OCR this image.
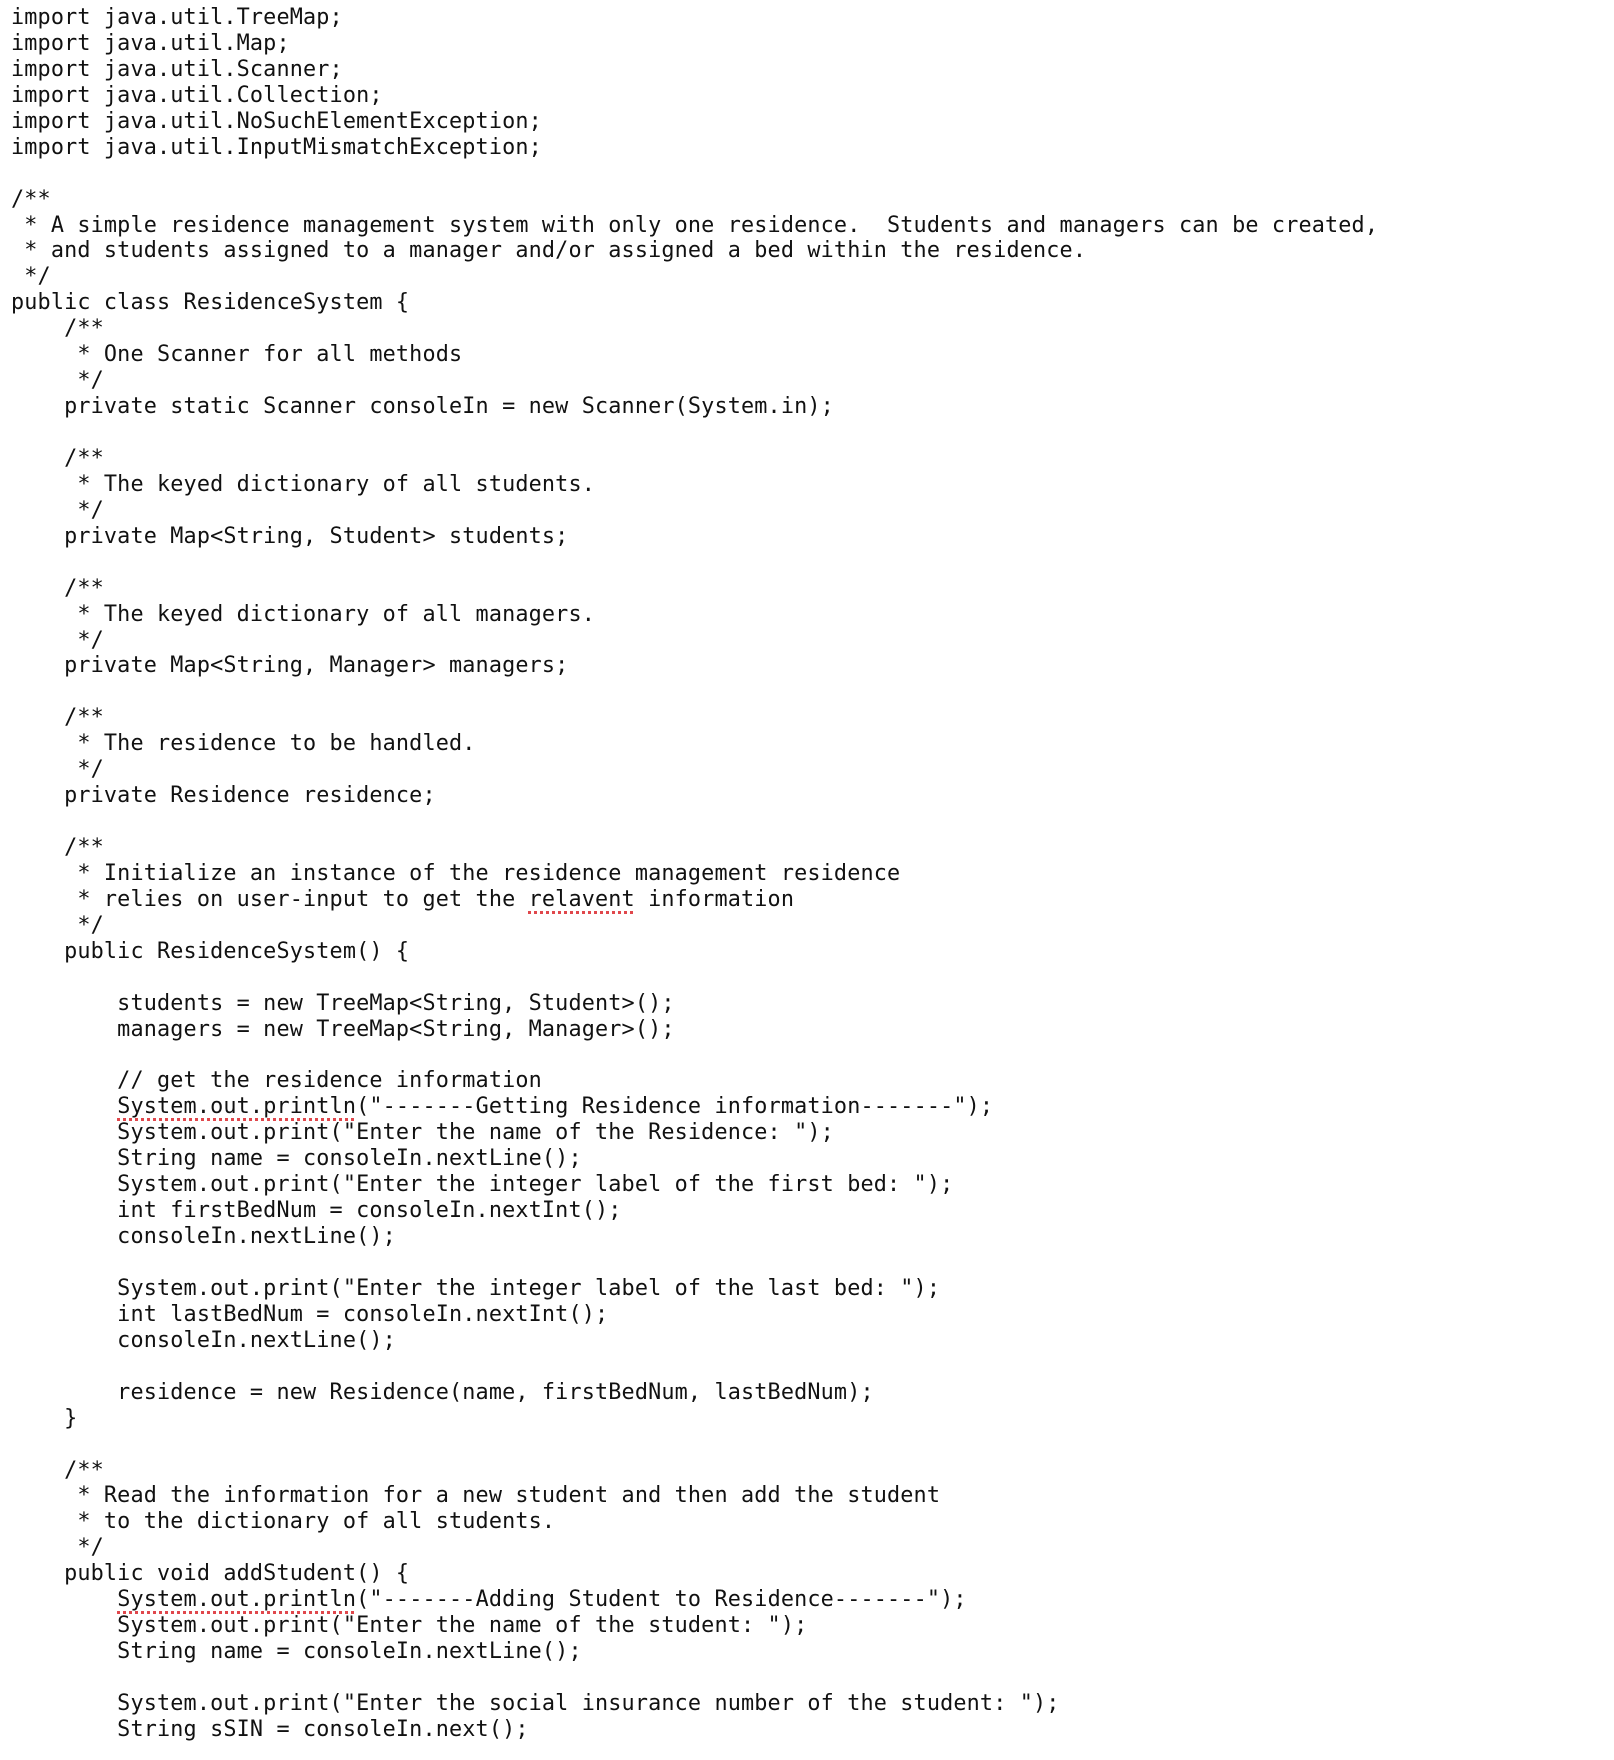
import java.util.TreeMap;
import java.util.Map;
import java.util.Scanner;
import java.util.Collection;
import java.util.NoSuchElementException;
import java.util.InputMismatchException;
/**
* A simple residence management system with only one residence.  Students and managers can be created,
* and students assigned to a manager and/or assigned a bed within the residence.
*/
public class ResidenceSystem {
/**
* One Scanner for all methods
*/
private static Scanner consoleIn = new Scanner(System.in);
/**
* The keyed dictionary of all students.
*/
private Map<String, Student> students;
/**
* The keyed dictionary of all managers.
*/
private Map<String, Manager> managers;
/**
* The residence to be handled.
*/
private Residence residence;
/**
* Initialize an instance of the residence management residence
* relies on user-input to get the relavent information
*/
public ResidenceSystem() {
students = new TreeMap<String, Student>();
managers = new TreeMap<String, Manager>();
// get the residence information
System.out.println("-------Getting Residence information-------");
System.out.print("Enter the name of the Residence: ");
String name = consoleIn.nextLine();
System.out.print("Enter the integer label of the first bed: ");
int firstBedNum = consoleIn.nextInt();
consoleIn.nextLine();
System.out.print("Enter the integer label of the last bed: ");
int lastBedNum = consoleIn.nextInt();
consoleIn.nextLine();
residence = new Residence(name, firstBedNum, lastBedNum);
}
/**
* Read the information for a new student and then add the student
* to the dictionary of all students.
*/
public void addStudent() {
System.out.println("-------Adding Student to Residence-------");
System.out.print("Enter the name of the student: ");
String name = consoleIn.nextLine();
System.out.print("Enter the social insurance number of the student: ");
String sSIN = consoleIn.next();
